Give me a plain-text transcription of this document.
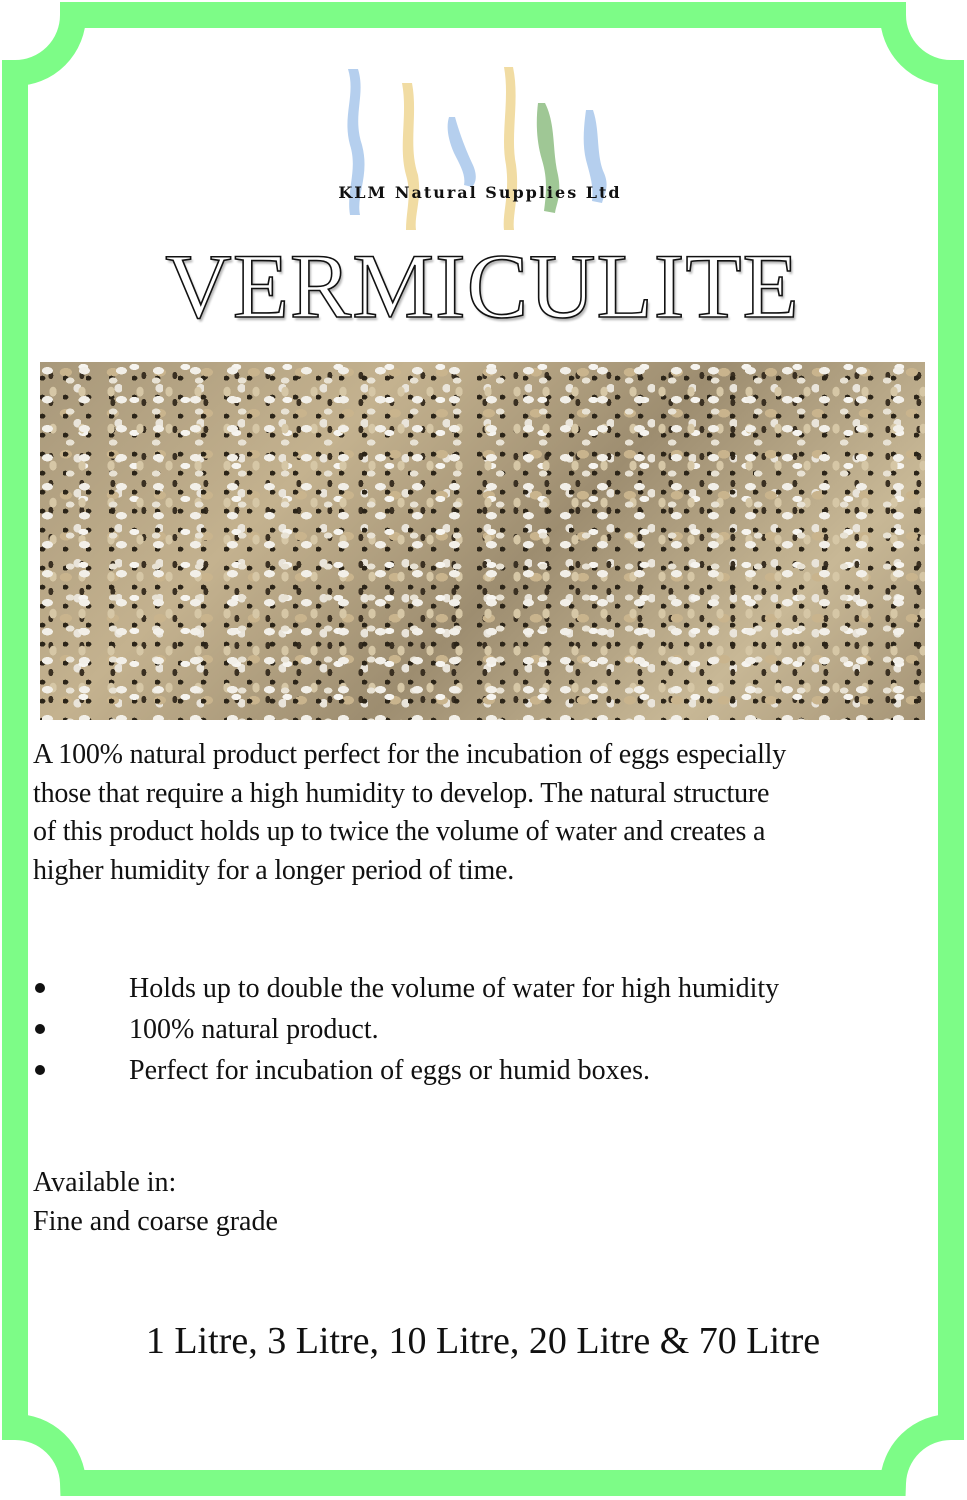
KLM Natural Supplies Ltd
VERMICULITE
A 100% natural product perfect for the incubation of eggs especially
those that require a high humidity to develop. The natural structure
of this product holds up to twice the volume of water and creates a
higher humidity for a longer period of time.
Holds up to double the volume of water for high humidity
100% natural product.
Perfect for incubation of eggs or humid boxes.
Available in:
Fine and coarse grade
1 Litre, 3 Litre, 10 Litre, 20 Litre & 70 Litre
